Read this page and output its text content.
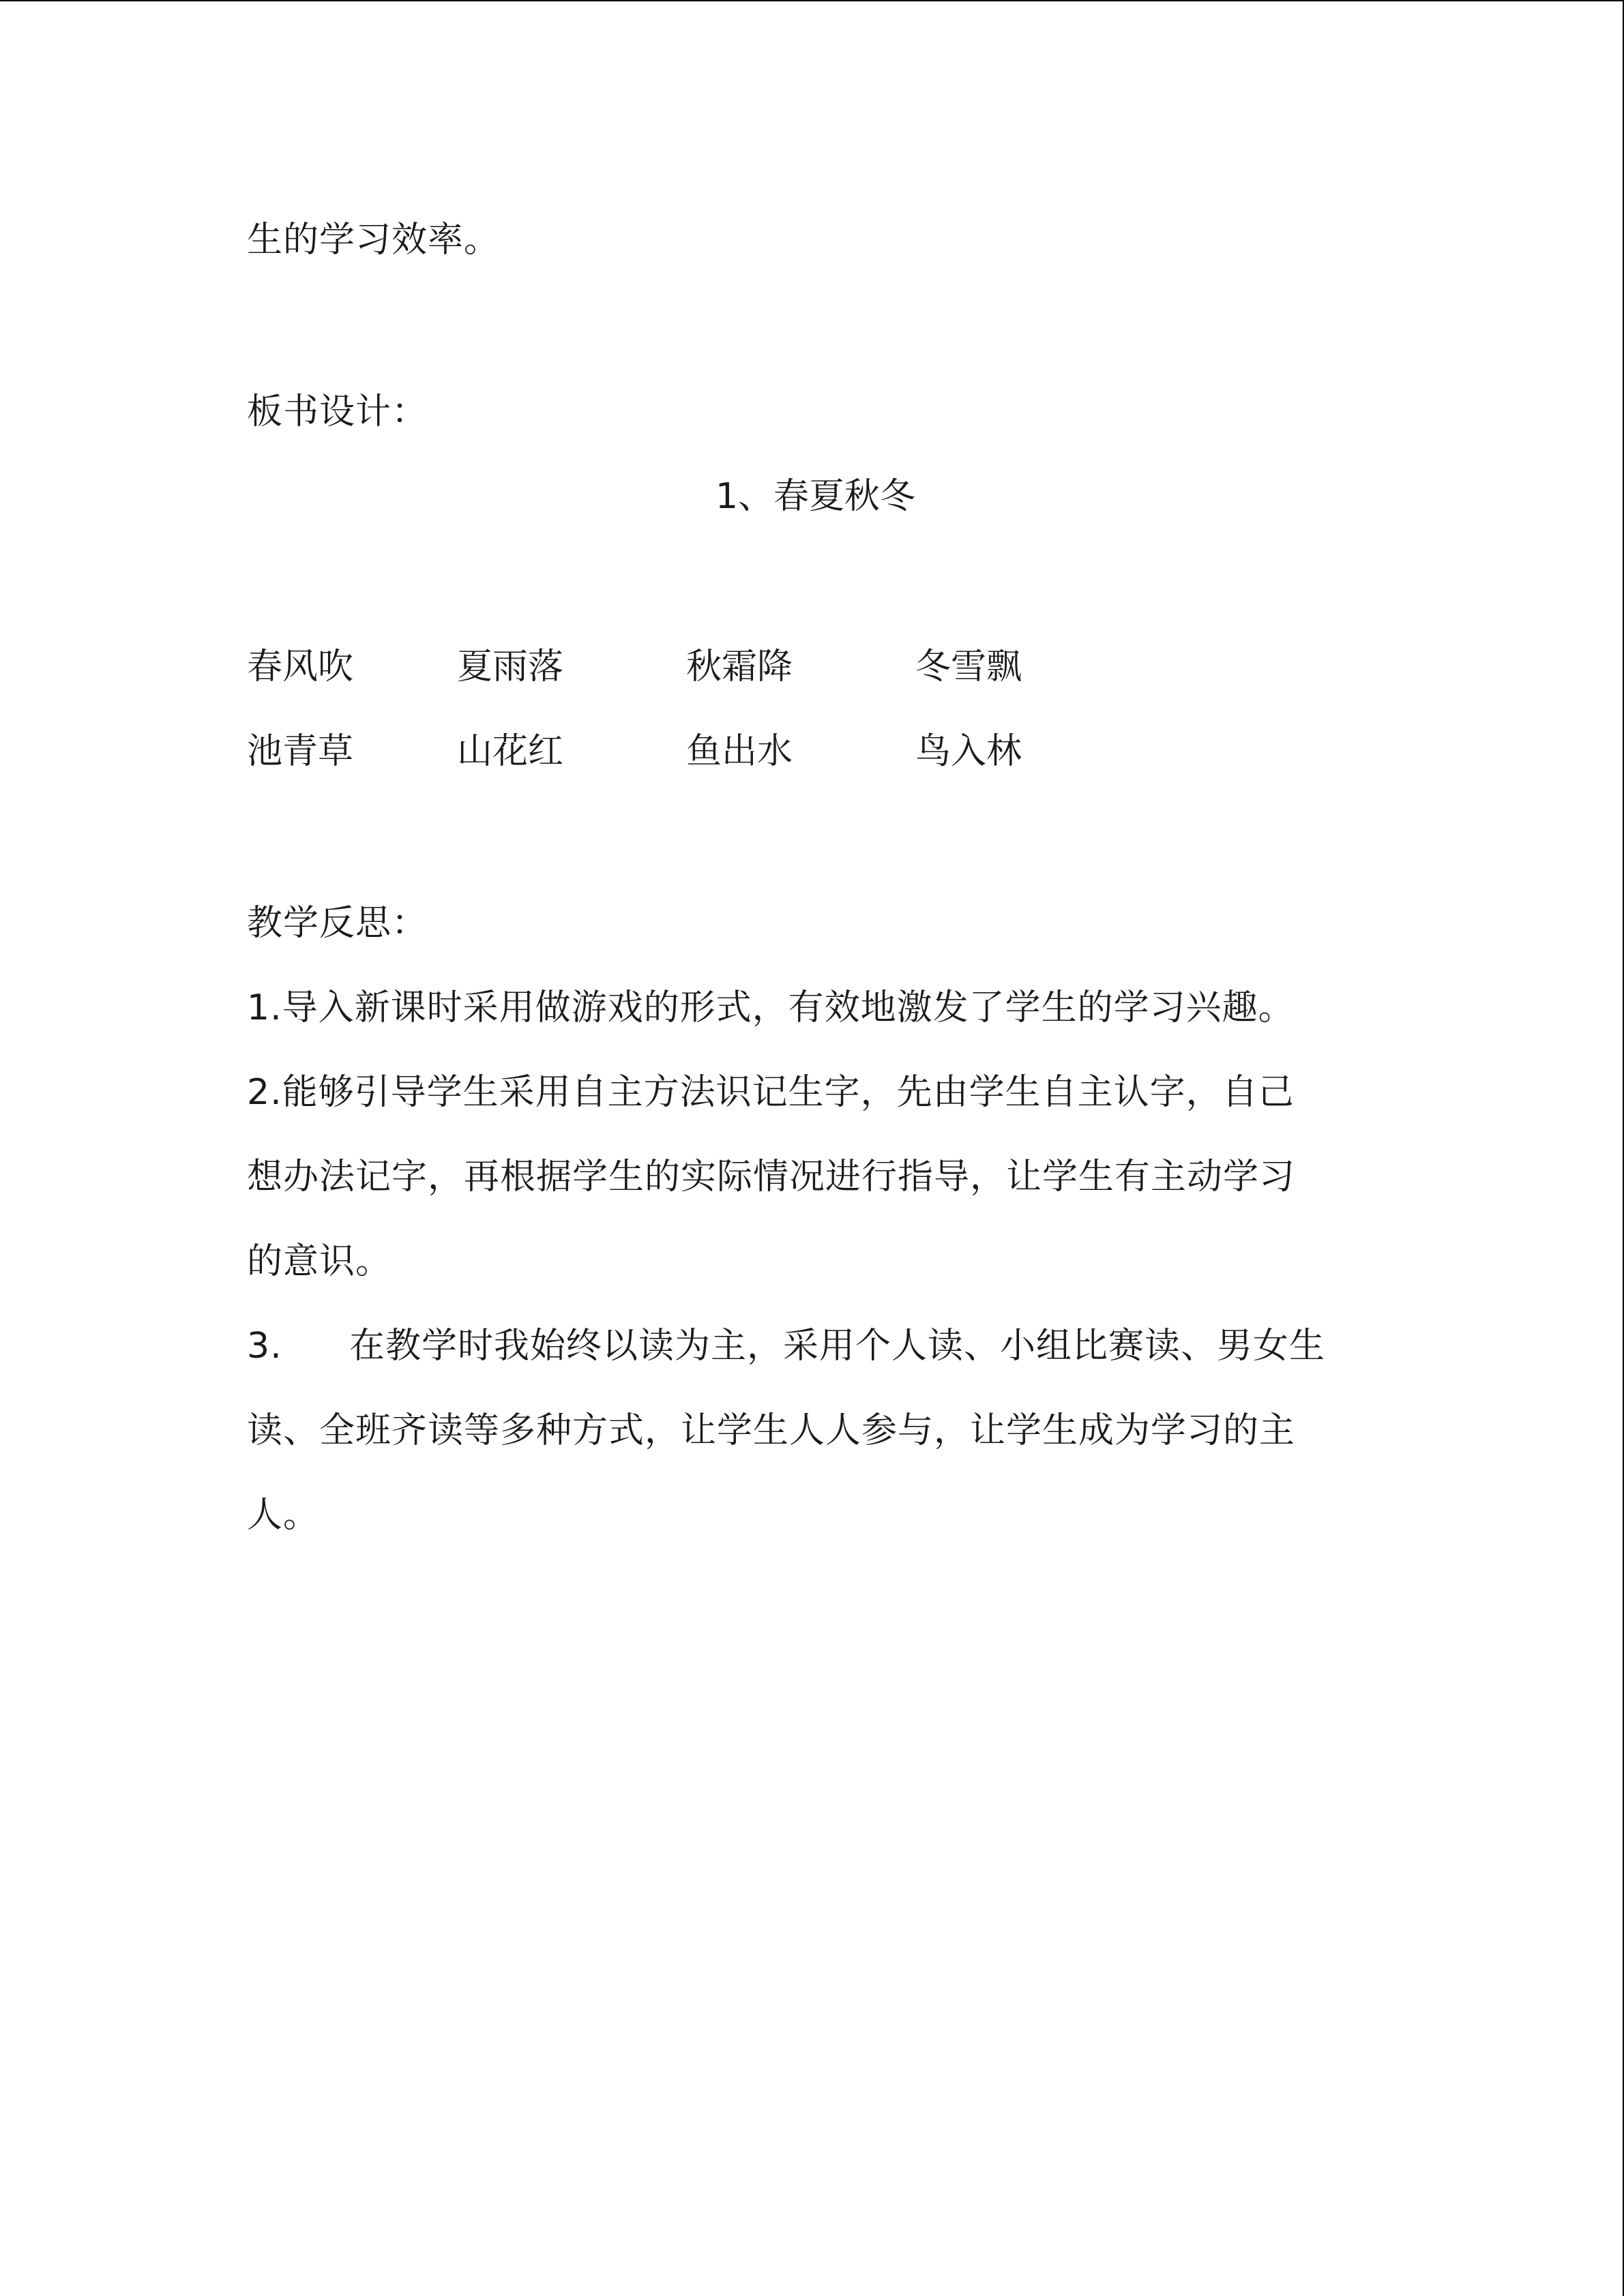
生的学习效率。
板书设计：
1、春夏秋冬
春风吹	夏雨落	秋霜降	冬雪飘
池青草	山花红	鱼出水	鸟入林
教学反思：
1.导入新课时采用做游戏的形式，有效地激发了学生的学习兴趣。
2.能够引导学生采用自主方法识记生字，先由学生自主认字，自己
想办法记字，再根据学生的实际情况进行指导，让学生有主动学习
的意识。
3. 在教学时我始终以读为主，采用个人读、小组比赛读、男女生
读、全班齐读等多种方式，让学生人人参与，让学生成为学习的主
人。
